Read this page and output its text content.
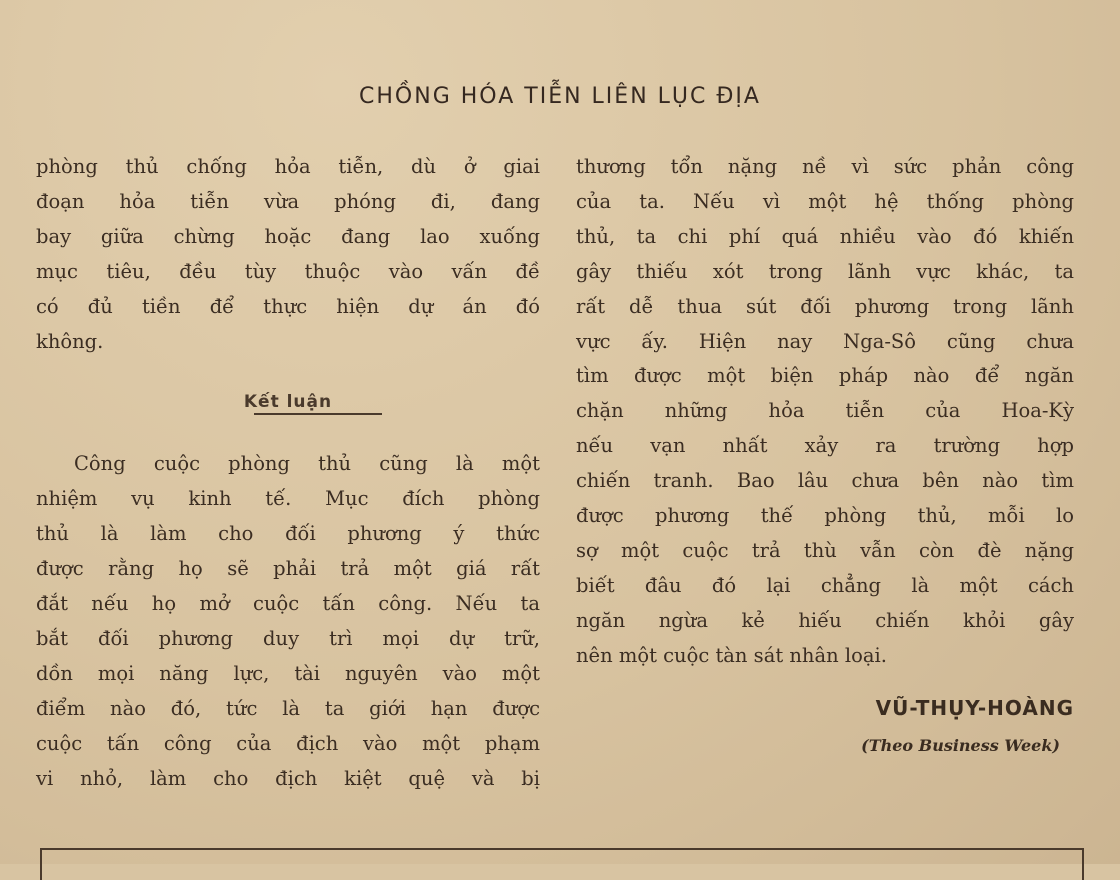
CHỒNG HÓA TIỄN LIÊN LỤC ĐỊA
phòng thủ chống hỏa tiễn, dù ở giai
đoạn hỏa tiễn vừa phóng đi, đang
bay giữa chừng hoặc đang lao xuống
mục tiêu, đều tùy thuộc vào vấn đề
có đủ tiền để thực hiện dự án đó
không.
Kết luận
Công cuộc phòng thủ cũng là một
nhiệm vụ kinh tế. Mục đích phòng
thủ là làm cho đối phương ý thức
được rằng họ sẽ phải trả một giá rất
đắt nếu họ mở cuộc tấn công. Nếu ta
bắt đối phương duy trì mọi dự trữ,
dồn mọi năng lực, tài nguyên vào một
điểm nào đó, tức là ta giới hạn được
cuộc tấn công của địch vào một phạm
vi nhỏ, làm cho địch kiệt quệ và bị
thương tổn nặng nề vì sức phản công
của ta. Nếu vì một hệ thống phòng
thủ, ta chi phí quá nhiều vào đó khiến
gây thiếu xót trong lãnh vực khác, ta
rất dễ thua sút đối phương trong lãnh
vực ấy. Hiện nay Nga-Sô cũng chưa
tìm được một biện pháp nào để ngăn
chặn những hỏa tiễn của Hoa-Kỳ
nếu vạn nhất xảy ra trường hợp
chiến tranh. Bao lâu chưa bên nào tìm
được phương thế phòng thủ, mỗi lo
sợ một cuộc trả thù vẫn còn đè nặng
biết đâu đó lại chẳng là một cách
ngăn ngừa kẻ hiếu chiến khỏi gây
nên một cuộc tàn sát nhân loại.
VŨ-THỤY-HOÀNG
(Theo Business Week)
